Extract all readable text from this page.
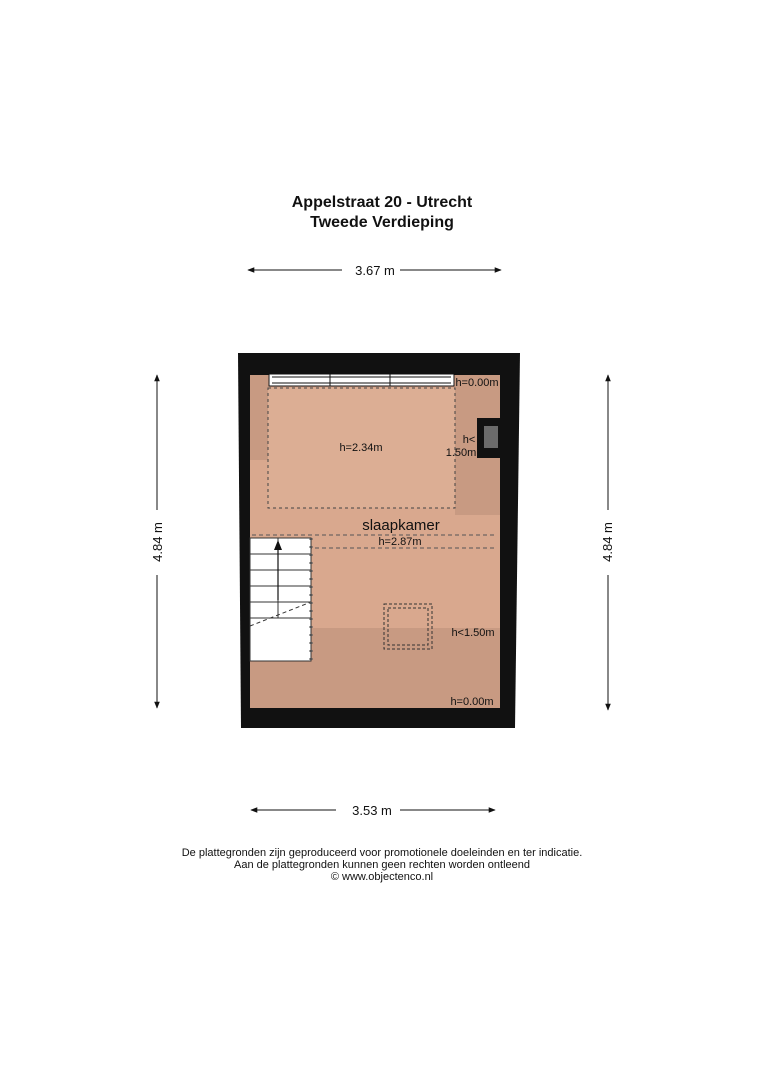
Appelstraat 20 - Utrecht
Tweede Verdieping
3.67 m
3.53 m
4.84 m	4.84 m
h=2.34m
h=0.00m
h<
1.50m
slaapkamer
h=2.87m
h<1.50m
h=0.00m
De plattegronden zijn geproduceerd voor promotionele doeleinden en ter indicatie.
Aan de plattegronden kunnen geen rechten worden ontleend
© www.objectenco.nl
